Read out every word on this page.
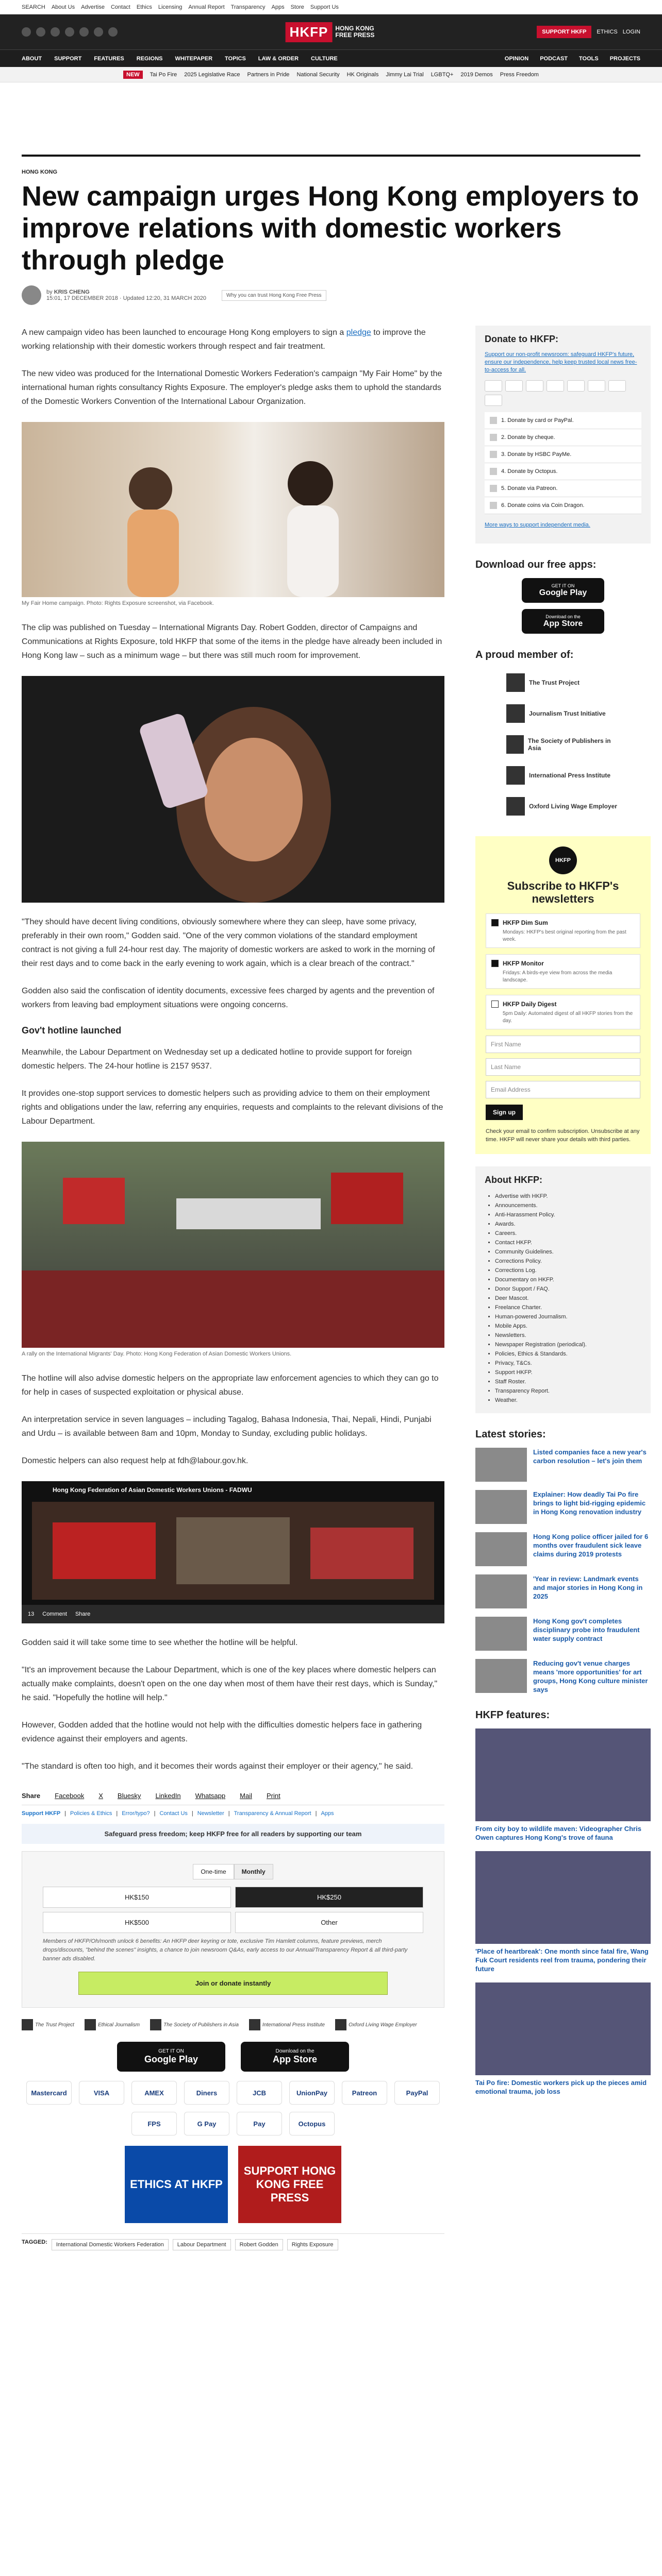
SEARCH About Us Advertise Contact Ethics Licensing Annual Report Transparency Apps Store Support Us
HKFP	HONG KONG FREE PRESS	SUPPORT HKFP	ETHICS LOGIN
ABOUT SUPPORT FEATURES REGIONS WHITEPAPER TOPICS LAW & ORDER CULTURE	OPINION PODCAST TOOLS PROJECTS
NEW	Tai Po Fire 2025 Legislative Race Partners in Pride National Security HK Originals Jimmy Lai Trial LGBTQ+ 2019 Demos Press Freedom
HONG KONG
New campaign urges Hong Kong employers to improve relations with domestic workers through pledge
by KRIS CHENG
15:01, 17 DECEMBER 2018 · Updated 12:20, 31 MARCH 2020	Why you can trust Hong Kong Free Press

A new campaign video has been launched to encourage Hong Kong employers to sign a pledge to improve the working relationship with their domestic workers through respect and fair treatment.

The new video was produced for the International Domestic Workers Federation's campaign "My Fair Home" by the international human rights consultancy Rights Exposure. The employer's pledge asks them to uphold the standards of the Domestic Workers Convention of the International Labour Organization.

My Fair Home campaign. Photo: Rights Exposure screenshot, via Facebook.

The clip was published on Tuesday – International Migrants Day. Robert Godden, director of Campaigns and Communications at Rights Exposure, told HKFP that some of the items in the pledge have already been included in Hong Kong law – such as a minimum wage – but there was still much room for improvement.

"They should have decent living conditions, obviously somewhere where they can sleep, have some privacy, preferably in their own room," Godden said. "One of the very common violations of the standard employment contract is not giving a full 24-hour rest day. The majority of domestic workers are asked to work in the morning of their rest days and to come back in the early evening to work again, which is a clear breach of the contract."

Godden also said the confiscation of identity documents, excessive fees charged by agents and the prevention of workers from leaving bad employment situations were ongoing concerns.

Gov't hotline launched

Meanwhile, the Labour Department on Wednesday set up a dedicated hotline to provide support for foreign domestic helpers. The 24-hour hotline is 2157 9537.

It provides one-stop support services to domestic helpers such as providing advice to them on their employment rights and obligations under the law, referring any enquiries, requests and complaints to the relevant divisions of the Labour Department.

A rally on the International Migrants' Day. Photo: Hong Kong Federation of Asian Domestic Workers Unions.

The hotline will also advise domestic helpers on the appropriate law enforcement agencies to which they can go to for help in cases of suspected exploitation or physical abuse.

An interpretation service in seven languages – including Tagalog, Bahasa Indonesia, Thai, Nepali, Hindi, Punjabi and Urdu – is available between 8am and 10pm, Monday to Sunday, excluding public holidays.

Domestic helpers can also request help at fdh@labour.gov.hk.

Hong Kong Federation of Asian Domestic Workers Unions - FADWU
13 Comment Share

Godden said it will take some time to see whether the hotline will be helpful.

"It's an improvement because the Labour Department, which is one of the key places where domestic helpers can actually make complaints, doesn't open on the one day when most of them have their rest days, which is Sunday," he said. "Hopefully the hotline will help."

However, Godden added that the hotline would not help with the difficulties domestic helpers face in gathering evidence against their employers and agents.

"The standard is often too high, and it becomes their words against their employer or their agency," he said.

Share Facebook X Bluesky LinkedIn Whatsapp Mail Print
Support HKFP | Policies & Ethics | Error/typo? | Contact Us | Newsletter | Transparency & Annual Report | Apps
Safeguard press freedom; keep HKFP free for all readers by supporting our team
One-time	Monthly
HK$150	HK$250
HK$500	Other
Members of HKFP/Oh/month unlock 6 benefits: An HKFP deer keyring or tote, exclusive Tim Hamlett columns, feature previews, merch drops/discounts, "behind the scenes" insights, a chance to join newsroom Q&As, early access to our Annual/Transparency Report & all third-party banner ads disabled.
Join or donate instantly
The Trust Project	Ethical Journalism	The Society of Publishers in Asia	International Press Institute	Oxford Living Wage Employer
GET IT ON
Google Play
Download on the
App Store
Mastercard	VISA	AMEX	Diners	JCB	UnionPay	Patreon	PayPal
FPS	G Pay	Pay	Octopus
ETHICS AT HKFP
SUPPORT HONG KONG FREE PRESS
TAGGED:	International Domestic Workers Federation	Labour Department	Robert Godden	Rights Exposure
Donate to HKFP:
Support our non-profit newsroom: safeguard HKFP's future, ensure our independence, help keep trusted local news free-to-access for all.
1. Donate by card or PayPal.
2. Donate by cheque.
3. Donate by HSBC PayMe.
4. Donate by Octopus.
5. Donate via Patreon.
6. Donate coins via Coin Dragon.
More ways to support independent media.
Download our free apps:
GET IT ON
Google Play
Download on the
App Store
A proud member of:
The Trust Project
Journalism Trust Initiative
The Society of Publishers in Asia
International Press Institute
Oxford Living Wage Employer
HKFP
Subscribe to HKFP's newsletters
HKFP Dim Sum
Mondays: HKFP's best original reporting from the past week.
HKFP Monitor
Fridays: A birds-eye view from across the media landscape.
HKFP Daily Digest
5pm Daily: Automated digest of all HKFP stories from the day.
First Name
Last Name
Email Address
Sign up
Check your email to confirm subscription. Unsubscribe at any time. HKFP will never share your details with third parties.
About HKFP:
• Advertise with HKFP.
• Announcements.
• Anti-Harassment Policy.
• Awards.
• Careers.
• Contact HKFP.
• Community Guidelines.
• Corrections Policy.
• Corrections Log.
• Documentary on HKFP.
• Donor Support / FAQ.
• Deer Mascot.
• Freelance Charter.
• Human-powered Journalism.
• Mobile Apps.
• Newsletters.
• Newspaper Registration (periodical).
• Policies, Ethics & Standards.
• Privacy, T&Cs.
• Support HKFP.
• Staff Roster.
• Transparency Report.
• Weather.
Latest stories:
Listed companies face a new year's carbon resolution – let's join them
Explainer: How deadly Tai Po fire brings to light bid-rigging epidemic in Hong Kong renovation industry
Hong Kong police officer jailed for 6 months over fraudulent sick leave claims during 2019 protests
'Year in review: Landmark events and major stories in Hong Kong in 2025
Hong Kong gov't completes disciplinary probe into fraudulent water supply contract
Reducing gov't venue charges means 'more opportunities' for art groups, Hong Kong culture minister says
HKFP features:
From city boy to wildlife maven: Videographer Chris Owen captures Hong Kong's trove of fauna
'Place of heartbreak': One month since fatal fire, Wang Fuk Court residents reel from trauma, pondering their future
Tai Po fire: Domestic workers pick up the pieces amid emotional trauma, job loss
